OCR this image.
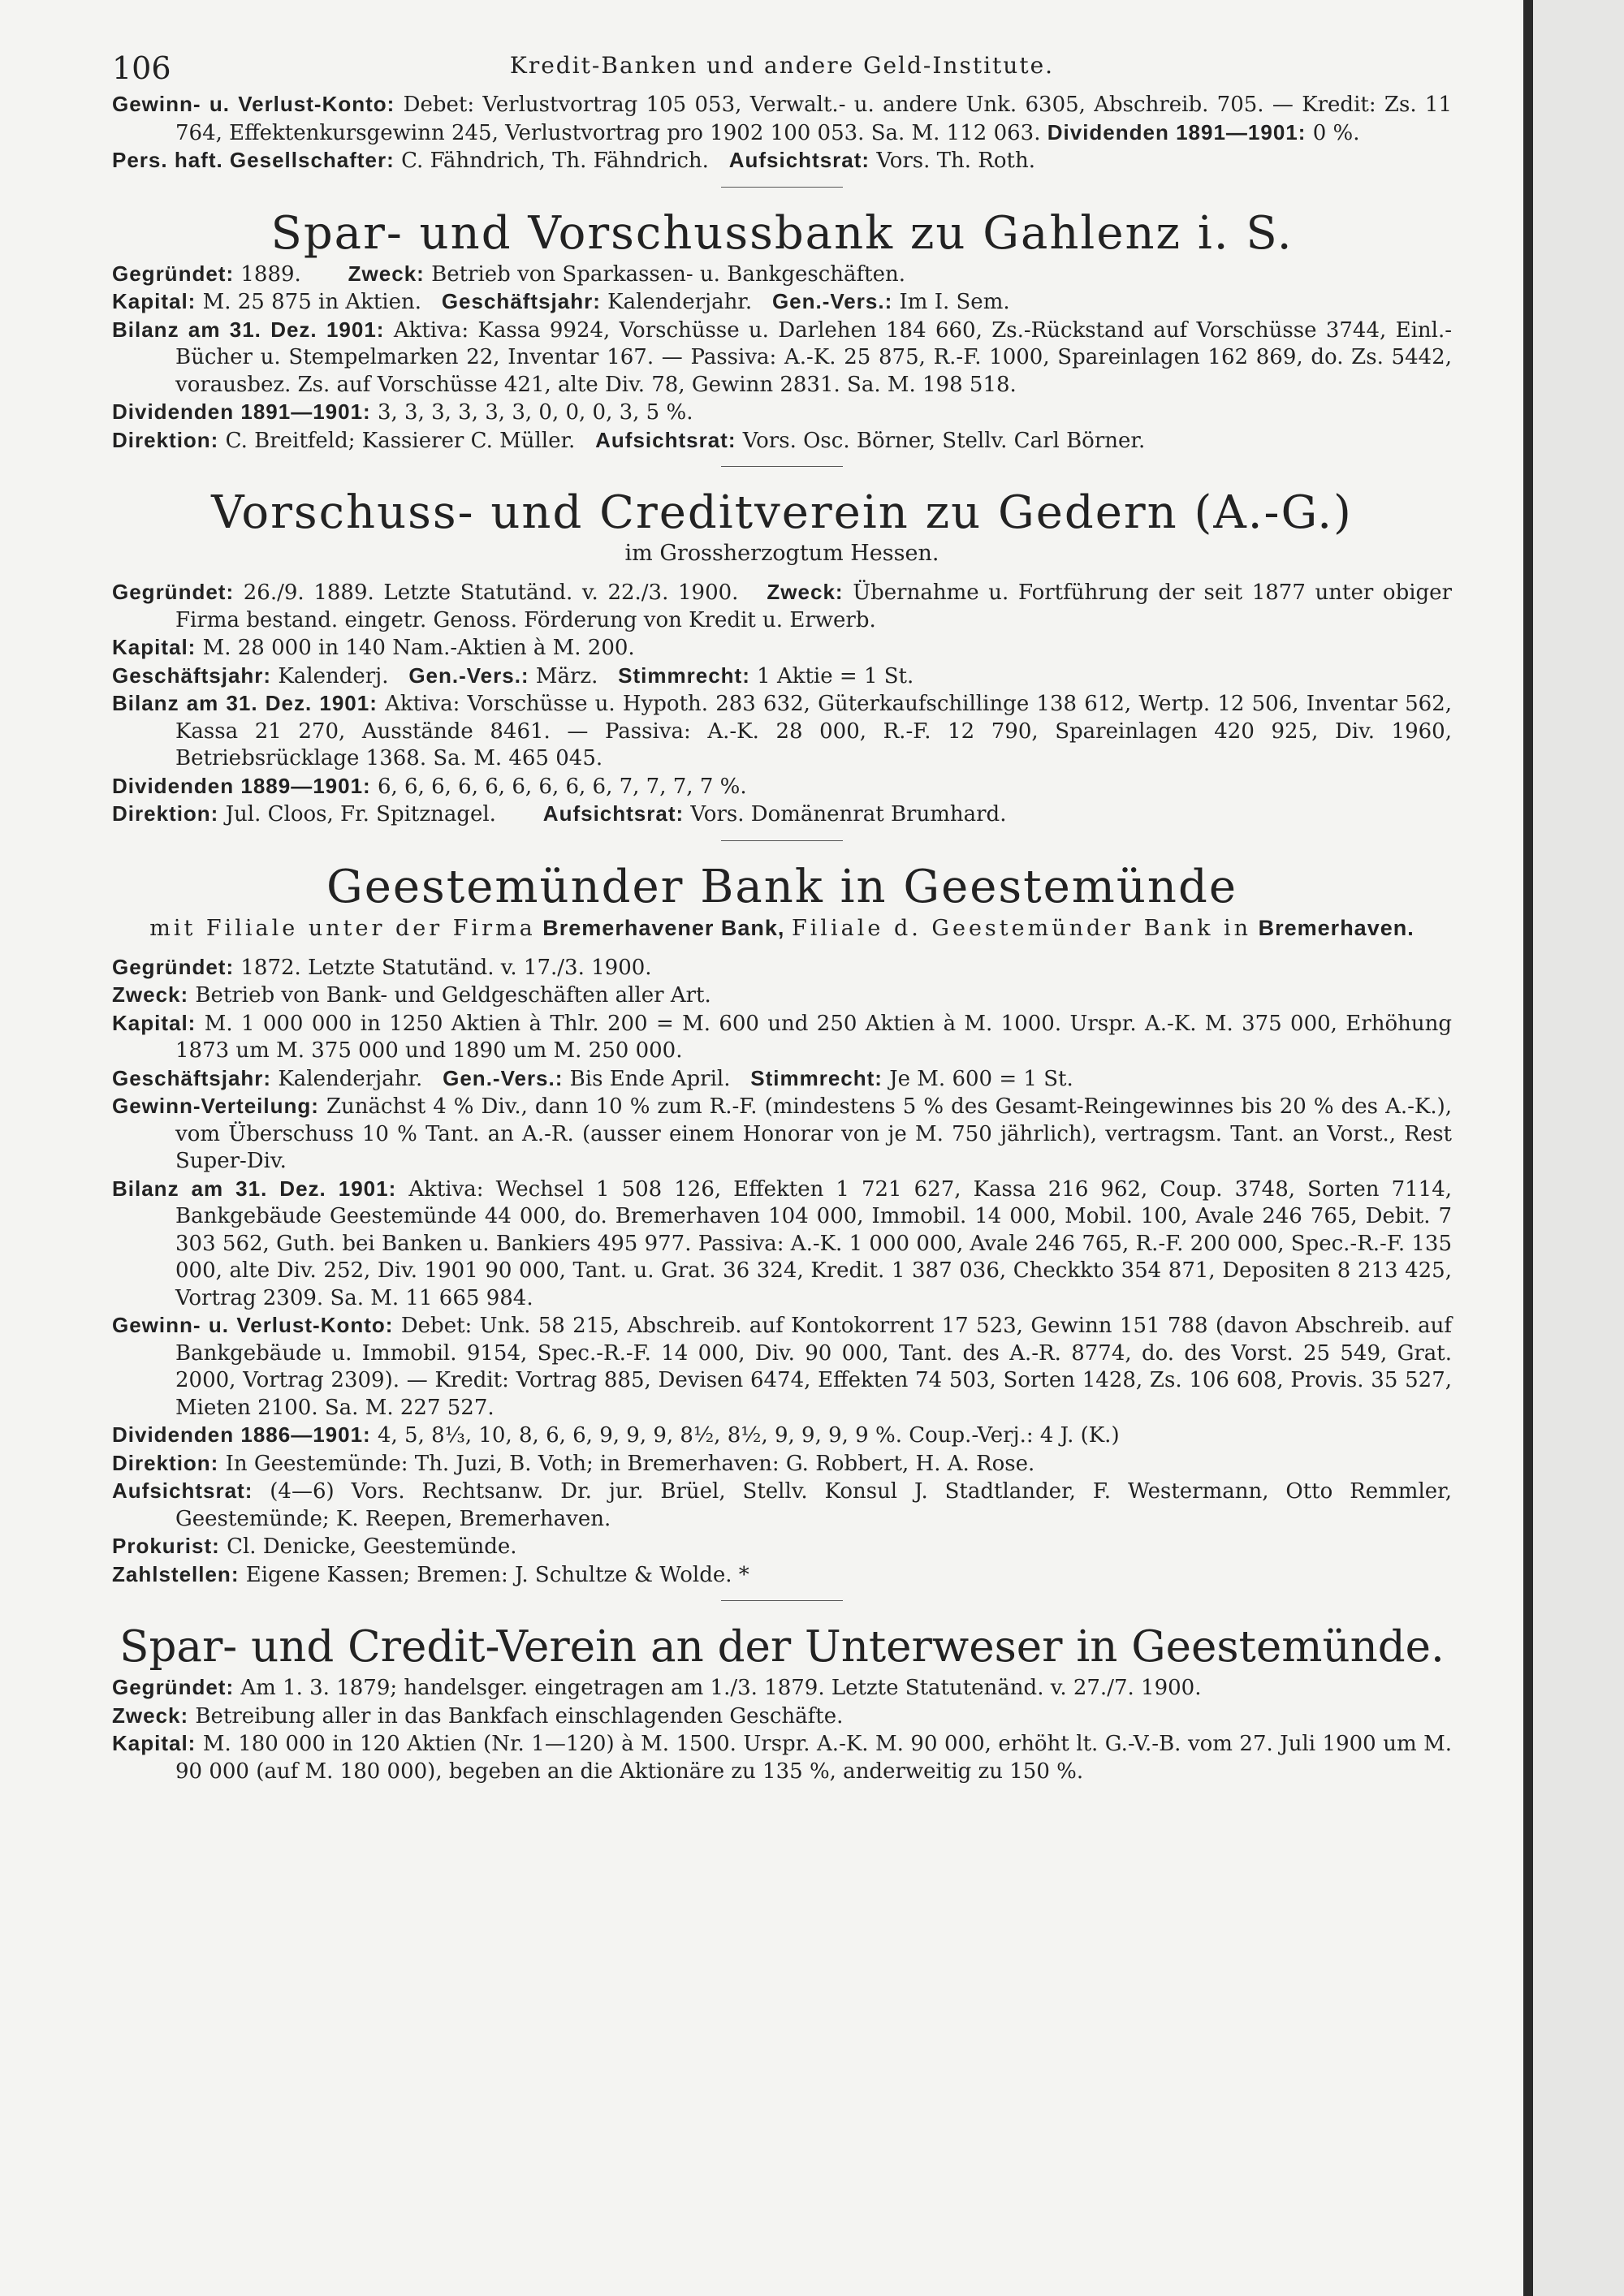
106	Kredit-Banken und andere Geld-Institute.

Gewinn- u. Verlust-Konto: Debet: Verlustvortrag 105 053, Verwalt.- u. andere Unk. 6305, Abschreib. 705. — Kredit: Zs. 11 764, Effektenkursgewinn 245, Verlustvortrag pro 1902 100 053. Sa. M. 112 063. Dividenden 1891—1901: 0 %.

Pers. haft. Gesellschafter: C. Fähndrich, Th. Fähndrich. Aufsichtsrat: Vors. Th. Roth.

Spar- und Vorschussbank zu Gahlenz i. S.

Gegründet: 1889. Zweck: Betrieb von Sparkassen- u. Bankgeschäften.

Kapital: M. 25 875 in Aktien. Geschäftsjahr: Kalenderjahr. Gen.-Vers.: Im I. Sem.

Bilanz am 31. Dez. 1901: Aktiva: Kassa 9924, Vorschüsse u. Darlehen 184 660, Zs.-Rückstand auf Vorschüsse 3744, Einl.-Bücher u. Stempelmarken 22, Inventar 167. — Passiva: A.-K. 25 875, R.-F. 1000, Spareinlagen 162 869, do. Zs. 5442, vorausbez. Zs. auf Vorschüsse 421, alte Div. 78, Gewinn 2831. Sa. M. 198 518.

Dividenden 1891—1901: 3, 3, 3, 3, 3, 3, 0, 0, 0, 3, 5 %.

Direktion: C. Breitfeld; Kassierer C. Müller. Aufsichtsrat: Vors. Osc. Börner, Stellv. Carl Börner.

Vorschuss- und Creditverein zu Gedern (A.-G.)
im Grossherzogtum Hessen.

Gegründet: 26./9. 1889. Letzte Statutänd. v. 22./3. 1900. Zweck: Übernahme u. Fortführung der seit 1877 unter obiger Firma bestand. eingetr. Genoss. Förderung von Kredit u. Erwerb.

Kapital: M. 28 000 in 140 Nam.-Aktien à M. 200.

Geschäftsjahr: Kalenderj. Gen.-Vers.: März. Stimmrecht: 1 Aktie = 1 St.

Bilanz am 31. Dez. 1901: Aktiva: Vorschüsse u. Hypoth. 283 632, Güterkaufschillinge 138 612, Wertp. 12 506, Inventar 562, Kassa 21 270, Ausstände 8461. — Passiva: A.-K. 28 000, R.-F. 12 790, Spareinlagen 420 925, Div. 1960, Betriebsrücklage 1368. Sa. M. 465 045.

Dividenden 1889—1901: 6, 6, 6, 6, 6, 6, 6, 6, 6, 7, 7, 7, 7 %.

Direktion: Jul. Cloos, Fr. Spitznagel. Aufsichtsrat: Vors. Domänenrat Brumhard.

Geestemünder Bank in Geestemünde
mit Filiale unter der Firma Bremerhavener Bank, Filiale d. Geestemünder Bank in Bremerhaven.

Gegründet: 1872. Letzte Statutänd. v. 17./3. 1900.

Zweck: Betrieb von Bank- und Geldgeschäften aller Art.

Kapital: M. 1 000 000 in 1250 Aktien à Thlr. 200 = M. 600 und 250 Aktien à M. 1000. Urspr. A.-K. M. 375 000, Erhöhung 1873 um M. 375 000 und 1890 um M. 250 000.

Geschäftsjahr: Kalenderjahr. Gen.-Vers.: Bis Ende April. Stimmrecht: Je M. 600 = 1 St.

Gewinn-Verteilung: Zunächst 4 % Div., dann 10 % zum R.-F. (mindestens 5 % des Gesamt-Reingewinnes bis 20 % des A.-K.), vom Überschuss 10 % Tant. an A.-R. (ausser einem Honorar von je M. 750 jährlich), vertragsm. Tant. an Vorst., Rest Super-Div.

Bilanz am 31. Dez. 1901: Aktiva: Wechsel 1 508 126, Effekten 1 721 627, Kassa 216 962, Coup. 3748, Sorten 7114, Bankgebäude Geestemünde 44 000, do. Bremerhaven 104 000, Immobil. 14 000, Mobil. 100, Avale 246 765, Debit. 7 303 562, Guth. bei Banken u. Bankiers 495 977. Passiva: A.-K. 1 000 000, Avale 246 765, R.-F. 200 000, Spec.-R.-F. 135 000, alte Div. 252, Div. 1901 90 000, Tant. u. Grat. 36 324, Kredit. 1 387 036, Checkkto 354 871, Depositen 8 213 425, Vortrag 2309. Sa. M. 11 665 984.

Gewinn- u. Verlust-Konto: Debet: Unk. 58 215, Abschreib. auf Kontokorrent 17 523, Gewinn 151 788 (davon Abschreib. auf Bankgebäude u. Immobil. 9154, Spec.-R.-F. 14 000, Div. 90 000, Tant. des A.-R. 8774, do. des Vorst. 25 549, Grat. 2000, Vortrag 2309). — Kredit: Vortrag 885, Devisen 6474, Effekten 74 503, Sorten 1428, Zs. 106 608, Provis. 35 527, Mieten 2100. Sa. M. 227 527.

Dividenden 1886—1901: 4, 5, 8⅓, 10, 8, 6, 6, 9, 9, 9, 8½, 8½, 9, 9, 9, 9 %. Coup.-Verj.: 4 J. (K.)

Direktion: In Geestemünde: Th. Juzi, B. Voth; in Bremerhaven: G. Robbert, H. A. Rose.

Aufsichtsrat: (4—6) Vors. Rechtsanw. Dr. jur. Brüel, Stellv. Konsul J. Stadtlander, F. Westermann, Otto Remmler, Geestemünde; K. Reepen, Bremerhaven.

Prokurist: Cl. Denicke, Geestemünde.

Zahlstellen: Eigene Kassen; Bremen: J. Schultze & Wolde. *

Spar- und Credit-Verein an der Unterweser in Geestemünde.

Gegründet: Am 1. 3. 1879; handelsger. eingetragen am 1./3. 1879. Letzte Statutenänd. v. 27./7. 1900.

Zweck: Betreibung aller in das Bankfach einschlagenden Geschäfte.

Kapital: M. 180 000 in 120 Aktien (Nr. 1—120) à M. 1500. Urspr. A.-K. M. 90 000, erhöht lt. G.-V.-B. vom 27. Juli 1900 um M. 90 000 (auf M. 180 000), begeben an die Aktionäre zu 135 %, anderweitig zu 150 %.
